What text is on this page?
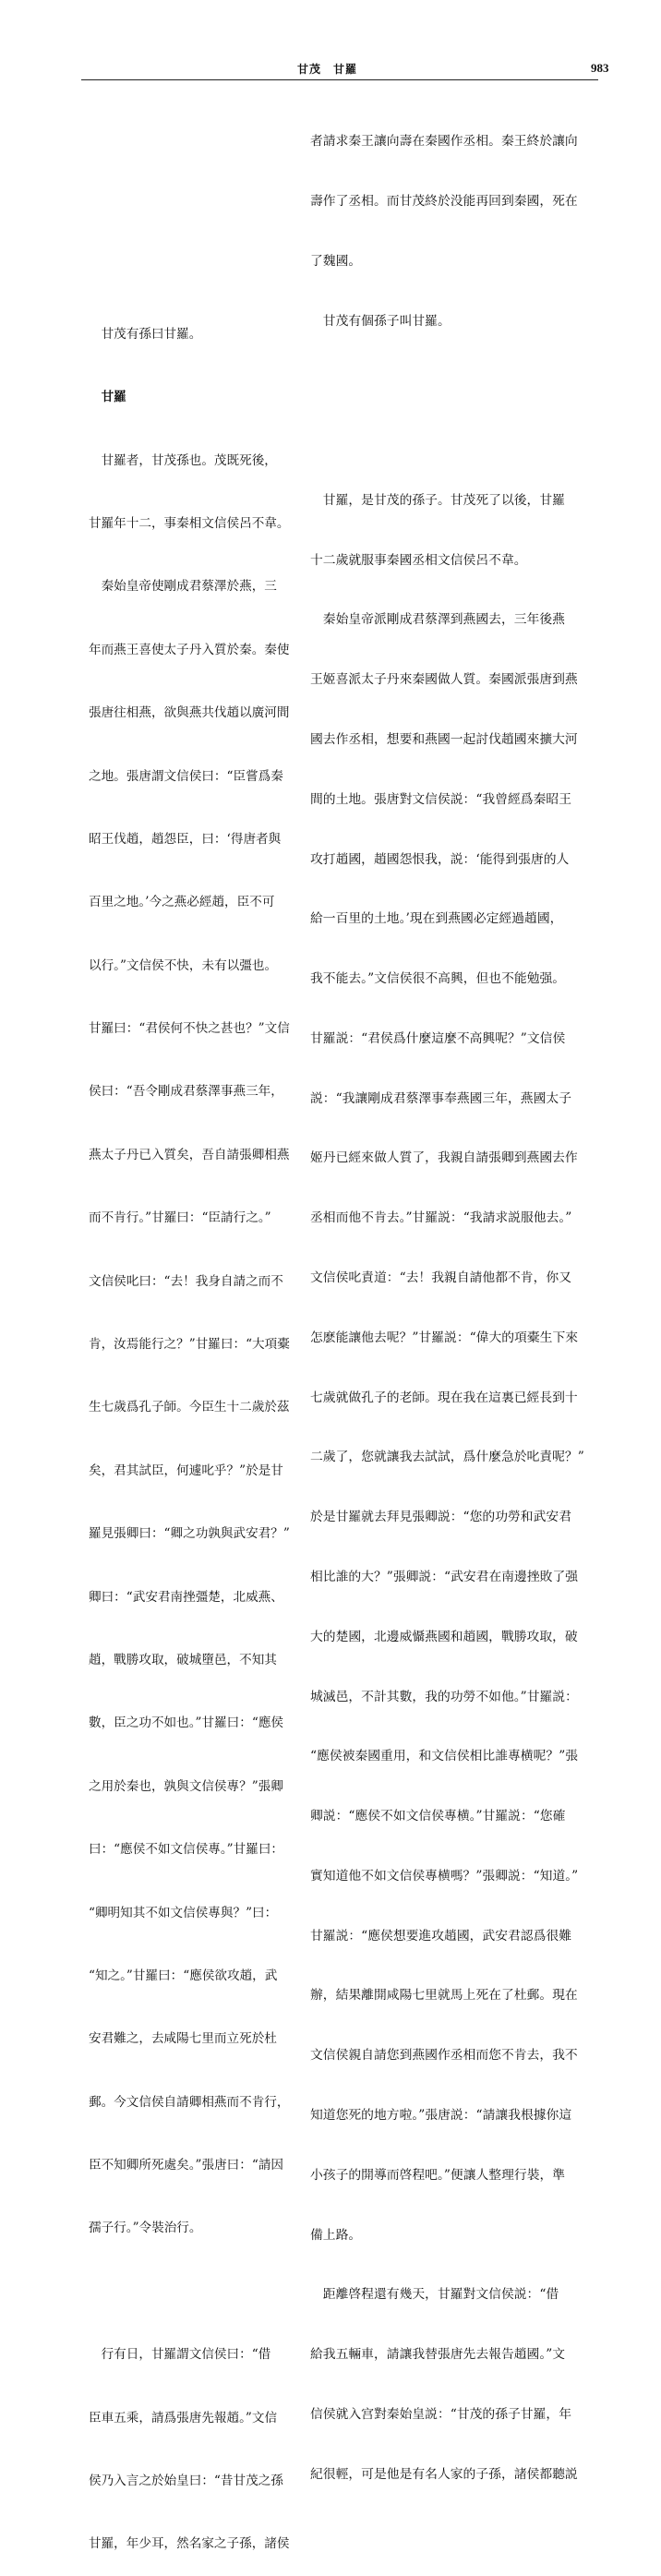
甘茂　甘羅	983

　甘茂有孫曰甘羅。

　甘羅

　甘羅者，甘茂孫也。茂既死後，

甘羅年十二，事秦相文信侯呂不韋。

　秦始皇帝使剛成君蔡澤於燕，三

年而燕王喜使太子丹入質於秦。秦使

張唐往相燕，欲與燕共伐趙以廣河間

之地。張唐謂文信侯曰：“臣嘗爲秦

昭王伐趙，趙怨臣，曰：‘得唐者與

百里之地。’今之燕必經趙，臣不可

以行。”文信侯不快，未有以彊也。

甘羅曰：“君侯何不快之甚也？”文信

侯曰：“吾令剛成君蔡澤事燕三年，

燕太子丹已入質矣，吾自請張卿相燕

而不肯行。”甘羅曰：“臣請行之。”

文信侯叱曰：“去！我身自請之而不

肯，汝焉能行之？”甘羅曰：“大項橐

生七歲爲孔子師。今臣生十二歲於茲

矣，君其試臣，何遽叱乎？”於是甘

羅見張卿曰：“卿之功孰與武安君？”

卿曰：“武安君南挫彊楚，北威燕、

趙，戰勝攻取，破城墮邑，不知其

數，臣之功不如也。”甘羅曰：“應侯

之用於秦也，孰與文信侯專？”張卿

曰：“應侯不如文信侯專。”甘羅曰：

“卿明知其不如文信侯專與？”曰：

“知之。”甘羅曰：“應侯欲攻趙，武

安君難之，去咸陽七里而立死於杜

郵。今文信侯自請卿相燕而不肯行，

臣不知卿所死處矣。”張唐曰：“請因

孺子行。”令裝治行。

　行有日，甘羅謂文信侯曰：“借

臣車五乘，請爲張唐先報趙。”文信

侯乃入言之於始皇曰：“昔甘茂之孫

甘羅，年少耳，然名家之子孫，諸侯

者請求秦王讓向壽在秦國作丞相。秦王終於讓向

壽作了丞相。而甘茂終於没能再回到秦國，死在

了魏國。

　甘茂有個孫子叫甘羅。

　甘羅，是甘茂的孫子。甘茂死了以後，甘羅

十二歲就服事秦國丞相文信侯呂不韋。

　秦始皇帝派剛成君蔡澤到燕國去，三年後燕

王姬喜派太子丹來秦國做人質。秦國派張唐到燕

國去作丞相，想要和燕國一起討伐趙國來擴大河

間的土地。張唐對文信侯説：“我曾經爲秦昭王

攻打趙國，趙國怨恨我，説：‘能得到張唐的人

給一百里的土地。’現在到燕國必定經過趙國，

我不能去。”文信侯很不高興，但也不能勉强。

甘羅説：“君侯爲什麼這麼不高興呢？”文信侯

説：“我讓剛成君蔡澤事奉燕國三年，燕國太子

姬丹已經來做人質了，我親自請張卿到燕國去作

丞相而他不肯去。”甘羅説：“我請求説服他去。”

文信侯叱責道：“去！我親自請他都不肯，你又

怎麽能讓他去呢？”甘羅説：“偉大的項橐生下來

七歲就做孔子的老師。現在我在這裏已經長到十

二歲了，您就讓我去試試，爲什麼急於叱責呢？”

於是甘羅就去拜見張卿説：“您的功勞和武安君

相比誰的大？”張卿説：“武安君在南邊挫敗了强

大的楚國，北邊威懾燕國和趙國，戰勝攻取，破

城滅邑，不計其數，我的功勞不如他。”甘羅説：

“應侯被秦國重用，和文信侯相比誰專横呢？”張

卿説：“應侯不如文信侯專横。”甘羅説：“您確

實知道他不如文信侯專横嗎？”張卿説：“知道。”

甘羅説：“應侯想要進攻趙國，武安君認爲很難

辦，結果離開咸陽七里就馬上死在了杜郵。現在

文信侯親自請您到燕國作丞相而您不肯去，我不

知道您死的地方啦。”張唐説：“請讓我根據你這

小孩子的開導而啓程吧。”便讓人整理行裝，準

備上路。

　距離啓程還有幾天，甘羅對文信侯説：“借

給我五輛車，請讓我替張唐先去報告趙國。”文

信侯就入宫對秦始皇説：“甘茂的孫子甘羅，年

紀很輕，可是他是有名人家的子孫，諸侯都聽説
